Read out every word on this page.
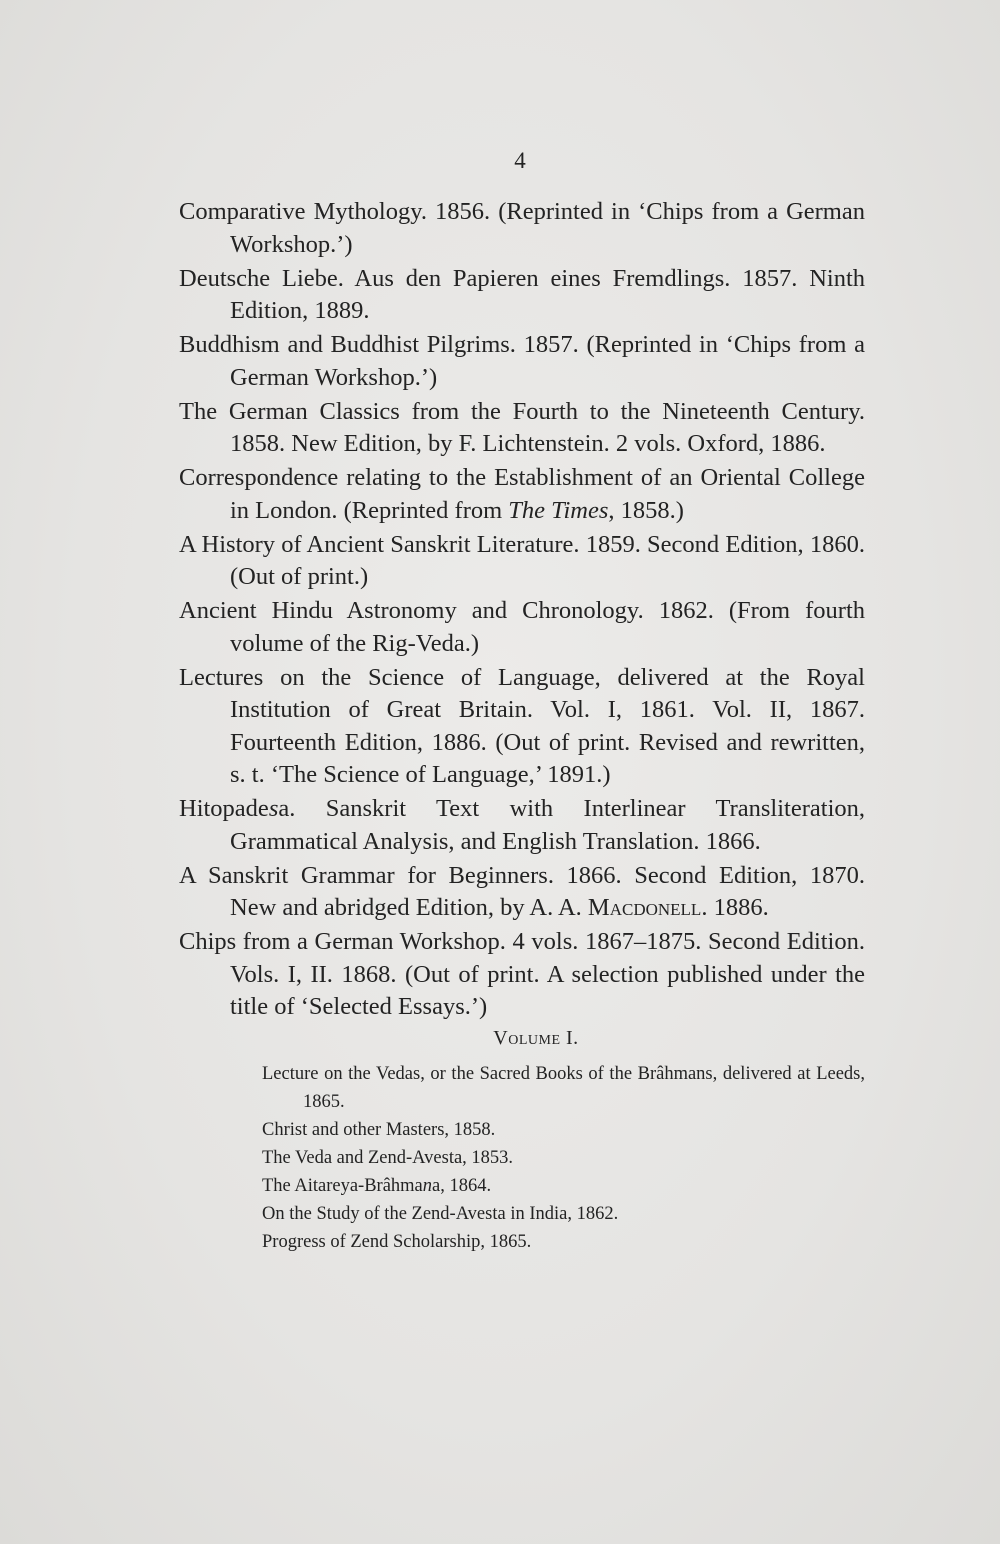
4

Comparative Mythology. 1856. (Reprinted in ‘Chips from a German Workshop.’)

Deutsche Liebe. Aus den Papieren eines Fremdlings. 1857. Ninth Edition, 1889.

Buddhism and Buddhist Pilgrims. 1857. (Reprinted in ‘Chips from a German Workshop.’)

The German Classics from the Fourth to the Nineteenth Century. 1858. New Edition, by F. Lichtenstein. 2 vols. Oxford, 1886.

Correspondence relating to the Establishment of an Oriental College in London. (Reprinted from The Times, 1858.)

A History of Ancient Sanskrit Literature. 1859. Second Edition, 1860. (Out of print.)

Ancient Hindu Astronomy and Chronology. 1862. (From fourth volume of the Rig-Veda.)

Lectures on the Science of Language, delivered at the Royal Institution of Great Britain. Vol. I, 1861. Vol. II, 1867. Fourteenth Edition, 1886. (Out of print. Revised and rewritten, s. t. ‘The Science of Language,’ 1891.)

Hitopadesa. Sanskrit Text with Interlinear Transliteration, Grammatical Analysis, and English Translation. 1866.

A Sanskrit Grammar for Beginners. 1866. Second Edition, 1870. New and abridged Edition, by A. A. Macdonell. 1886.

Chips from a German Workshop. 4 vols. 1867–1875. Second Edition. Vols. I, II. 1868. (Out of print. A selection published under the title of ‘Selected Essays.’)

Volume I.

Lecture on the Vedas, or the Sacred Books of the Brâhmans, delivered at Leeds, 1865.

Christ and other Masters, 1858.

The Veda and Zend-Avesta, 1853.

The Aitareya-Brâhmana, 1864.

On the Study of the Zend-Avesta in India, 1862.

Progress of Zend Scholarship, 1865.
